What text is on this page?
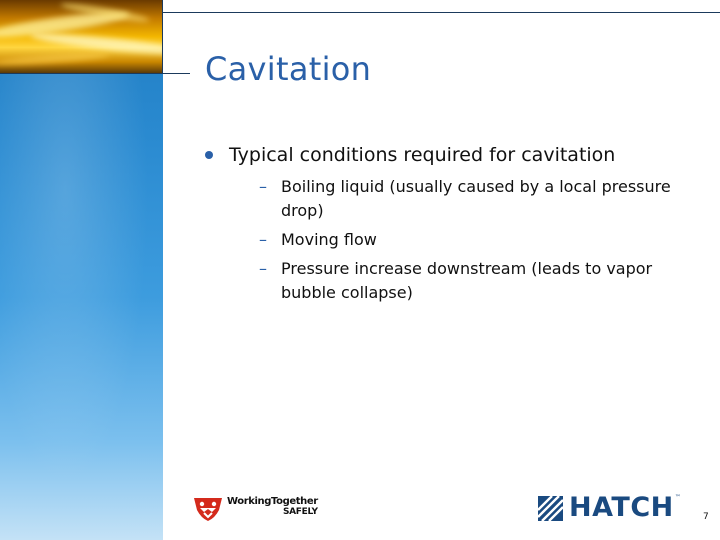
Cavitation
Typical conditions required for cavitation
– Boiling liquid (usually caused by a local pressure drop)
– Moving flow
– Pressure increase downstream (leads to vapor bubble collapse)
WorkingTogether
SAFELY	HATCH ™
7
